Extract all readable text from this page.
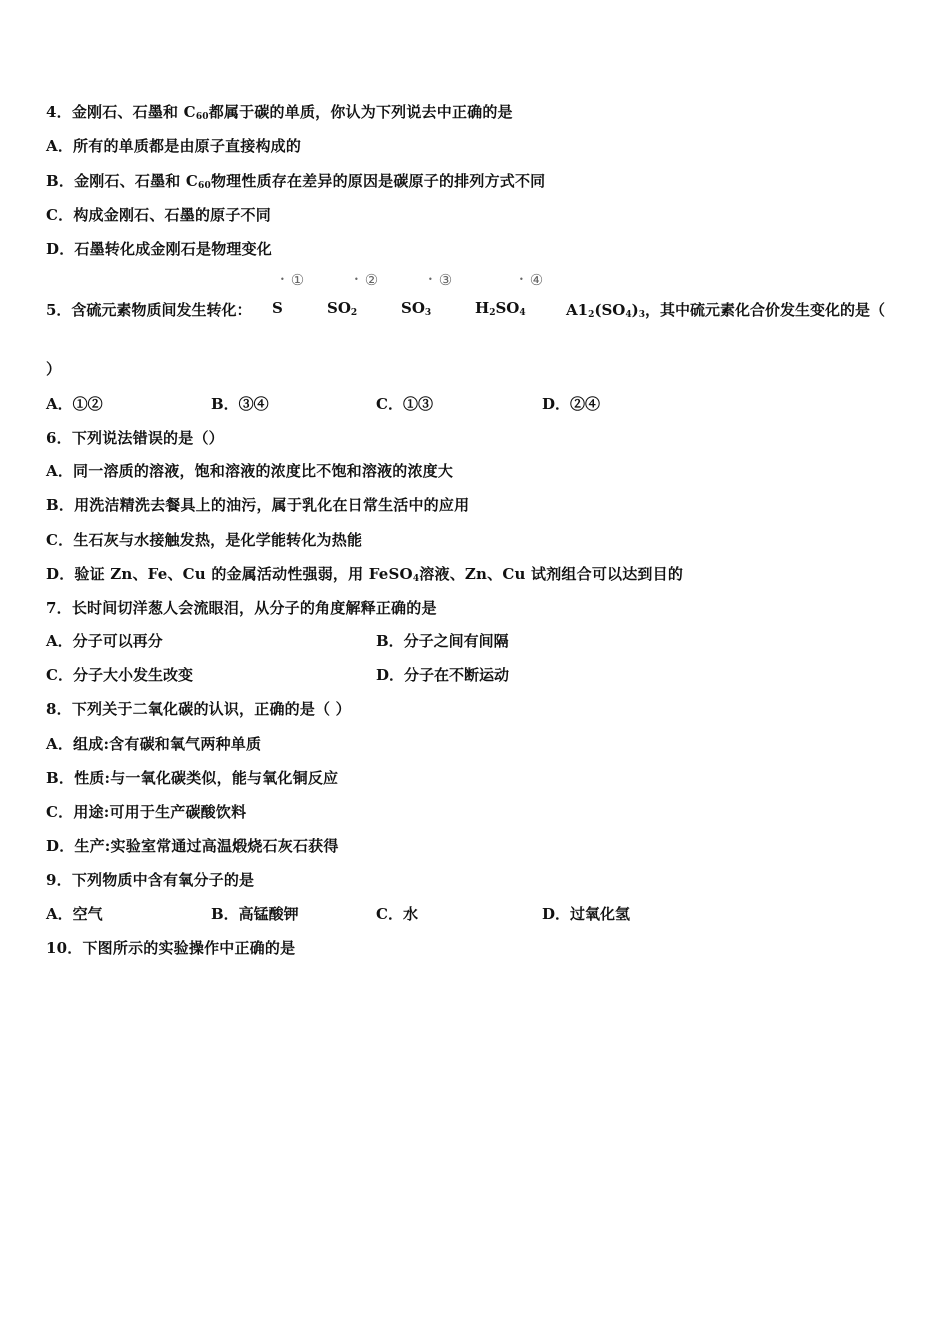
4．金刚石、石墨和 $C_{60}$都属于碳的单质，你认为下列说去中正确的是
A．所有的单质都是由原子直接构成的
B．金刚石、石墨和 $C_{60}$物理性质存在差异的原因是碳原子的排列方式不同
C．构成金刚石、石墨的原子不同
D．石墨转化成金刚石是物理变化
• ①	• ②	• ③	• ④
5．含硫元素物质间发生转化： S	$SO_2$	$SO_3$	$H_2SO_4$	$A1_2(SO_4)_3$，其中硫元素化合价发生变化的是（
）
A．①②	B．③④	C．①③	D．②④
6．下列说法错误的是（）
A．同一溶质的溶液，饱和溶液的浓度比不饱和溶液的浓度大
B．用洗洁精洗去餐具上的油污，属于乳化在日常生活中的应用
C．生石灰与水接触发热，是化学能转化为热能
D．验证 Zn、Fe、Cu 的金属活动性强弱，用 FeSO$_4$溶液、Zn、Cu 试剂组合可以达到目的
7．长时间切洋葱人会流眼泪，从分子的角度解释正确的是
A．分子可以再分	B．分子之间有间隔
C．分子大小发生改变	D．分子在不断运动
8．下列关于二氧化碳的认识，正确的是（ ）
A．组成:含有碳和氧气两种单质
B．性质:与一氧化碳类似，能与氧化铜反应
C．用途:可用于生产碳酸饮料
D．生产:实验室常通过高温煅烧石灰石获得
9．下列物质中含有氧分子的是
A．空气	B．高锰酸钾	C．水	D．过氧化氢
10．下图所示的实验操作中正确的是
